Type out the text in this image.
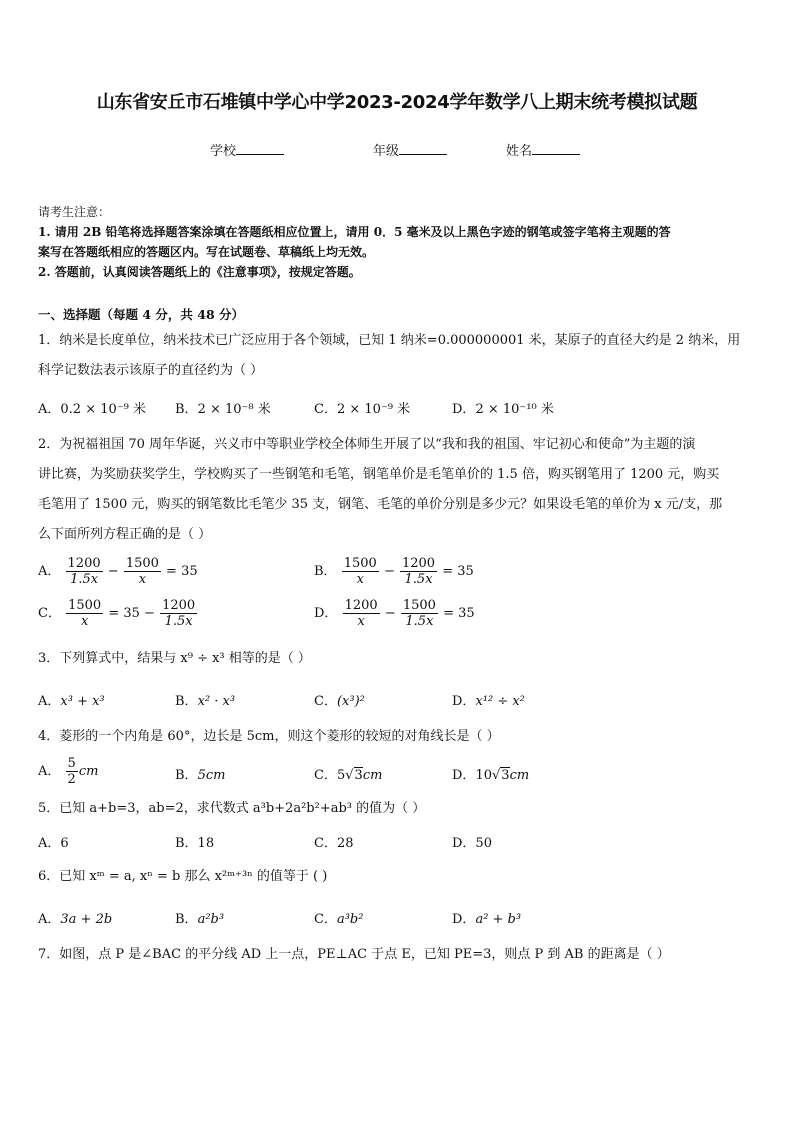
山东省安丘市石堆镇中学心中学2023-2024学年数学八上期末统考模拟试题
学校	年级	姓名
请考生注意：
1. 请用 2B 铅笔将选择题答案涂填在答题纸相应位置上，请用 0．5 毫米及以上黑色字迹的钢笔或签字笔将主观题的答
案写在答题纸相应的答题区内。写在试题卷、草稿纸上均无效。
2. 答题前，认真阅读答题纸上的《注意事项》，按规定答题。
一、选择题（每题 4 分，共 48 分）
1．纳米是长度单位，纳米技术已广泛应用于各个领域，已知 1 纳米=0.000000001 米，某原子的直径大约是 2 纳米，用
科学记数法表示该原子的直径约为（ ）
A．0.2 × 10⁻⁹ 米 B．2 × 10⁻⁸ 米	C．2 × 10⁻⁹ 米	D．2 × 10⁻¹⁰ 米
2．为祝福祖国 70 周年华诞，兴义市中等职业学校全体师生开展了以“我和我的祖国、牢记初心和使命”为主题的演
讲比赛，为奖励获奖学生，学校购买了一些钢笔和毛笔，钢笔单价是毛笔单价的 1.5 倍，购买钢笔用了 1200 元，购买
毛笔用了 1500 元，购买的钢笔数比毛笔少 35 支，钢笔、毛笔的单价分别是多少元？如果设毛笔的单价为 x 元/支，那
么下面所列方程正确的是（ ）
A． $\frac{1200}{1.5x} - \frac{1500}{x} = 35$	B． $\frac{1500}{x} - \frac{1200}{1.5x} = 35$
C． $\frac{1500}{x} = 35 - \frac{1200}{1.5x}$	D． $\frac{1200}{x} - \frac{1500}{1.5x} = 35$
3．下列算式中，结果与 x⁹ ÷ x³ 相等的是（ ）
A．x³ + x³	B．x² · x³	C．(x³)²	D．x¹² ÷ x²
4．菱形的一个内角是 60°，边长是 5cm，则这个菱形的较短的对角线长是（ ）
A． $\frac{5}{2}$ cm	B．5cm	C．5√3cm	D．10√3cm
5．已知 a+b=3，ab=2，求代数式 a³b+2a²b²+ab³ 的值为（ ）
A．6	B．18	C．28	D．50
6．已知 xᵐ = a, xⁿ = b 那么 x²ᵐ⁺³ⁿ 的值等于 ( )
A．3a + 2b	B．a²b³	C．a³b²	D．a² + b³
7．如图，点 P 是∠BAC 的平分线 AD 上一点，PE⊥AC 于点 E，已知 PE=3，则点 P 到 AB 的距离是（ ）
